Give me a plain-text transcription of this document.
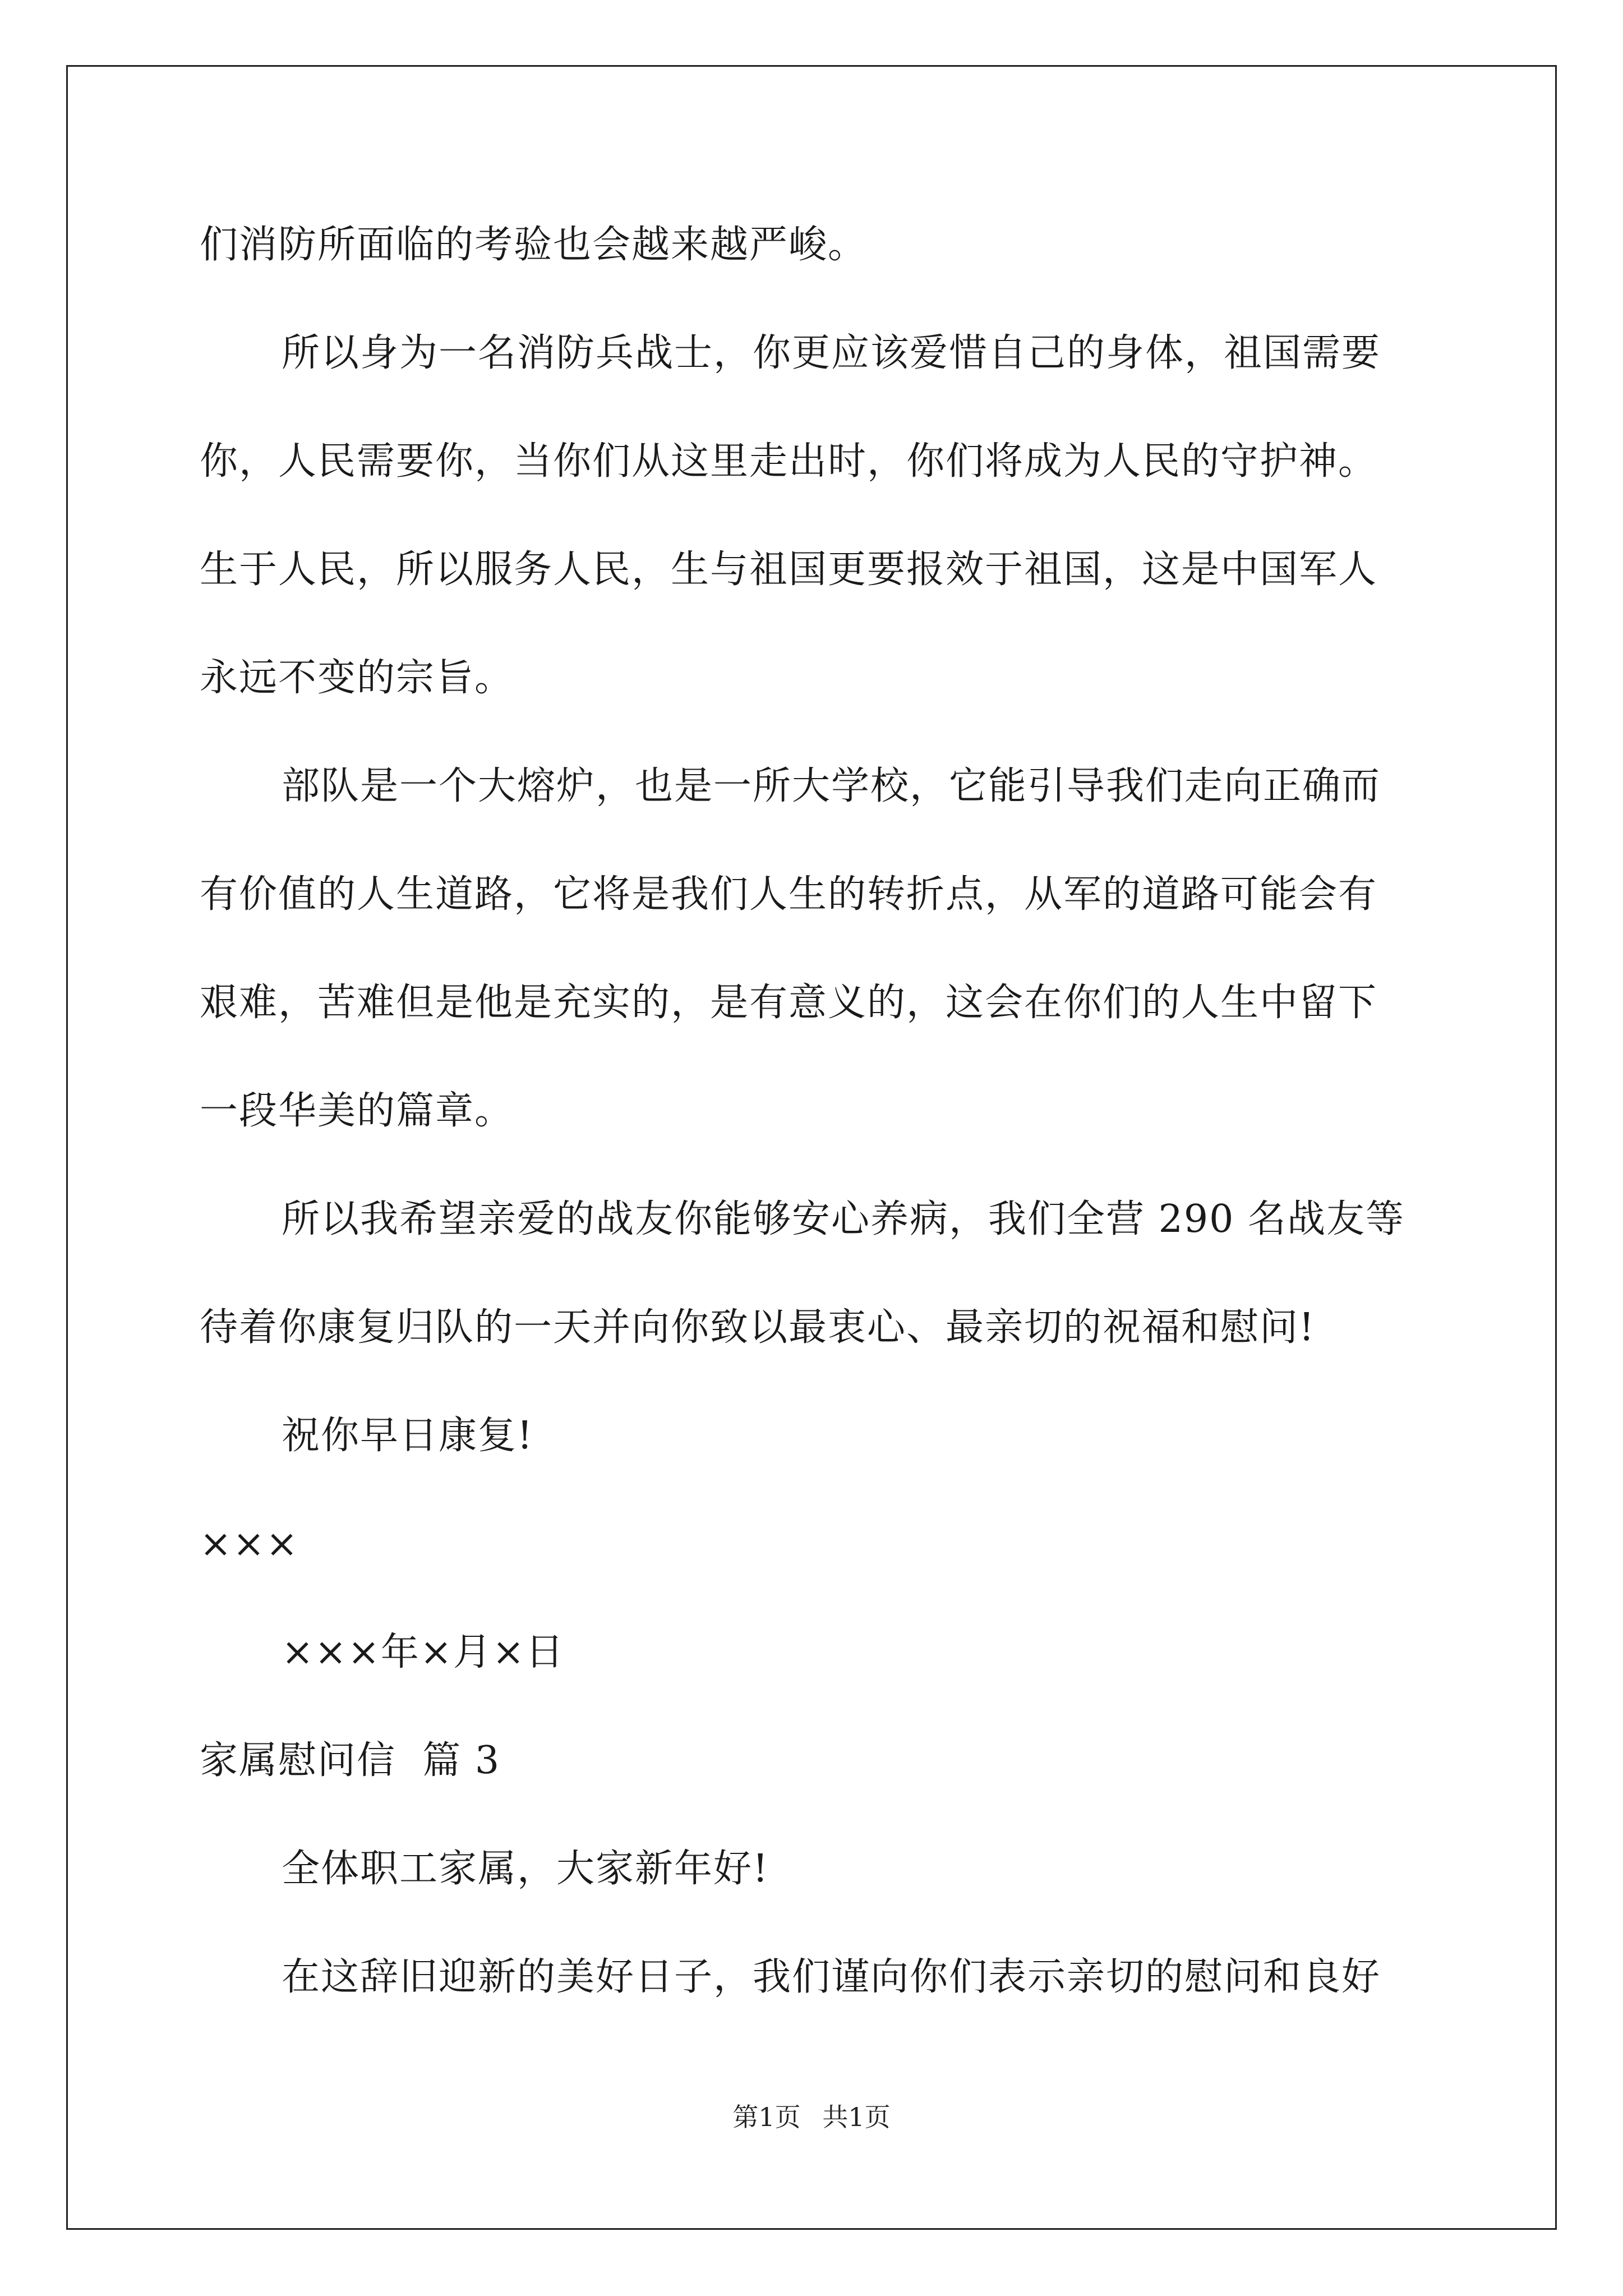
们消防所面临的考验也会越来越严峻。
所以身为一名消防兵战士，你更应该爱惜自己的身体，祖国需要
你，人民需要你，当你们从这里走出时，你们将成为人民的守护神。
生于人民，所以服务人民，生与祖国更要报效于祖国，这是中国军人
永远不变的宗旨。
部队是一个大熔炉，也是一所大学校，它能引导我们走向正确而
有价值的人生道路，它将是我们人生的转折点，从军的道路可能会有
艰难，苦难但是他是充实的，是有意义的，这会在你们的人生中留下
一段华美的篇章。
所以我希望亲爱的战友你能够安心养病，我们全营 290 名战友等
待着你康复归队的一天并向你致以最衷心、最亲切的祝福和慰问!
祝你早日康复!
×××
×××年×月×日
家属慰问信  篇 3
全体职工家属，大家新年好!
在这辞旧迎新的美好日子，我们谨向你们表示亲切的慰问和良好
第1页 共1页
